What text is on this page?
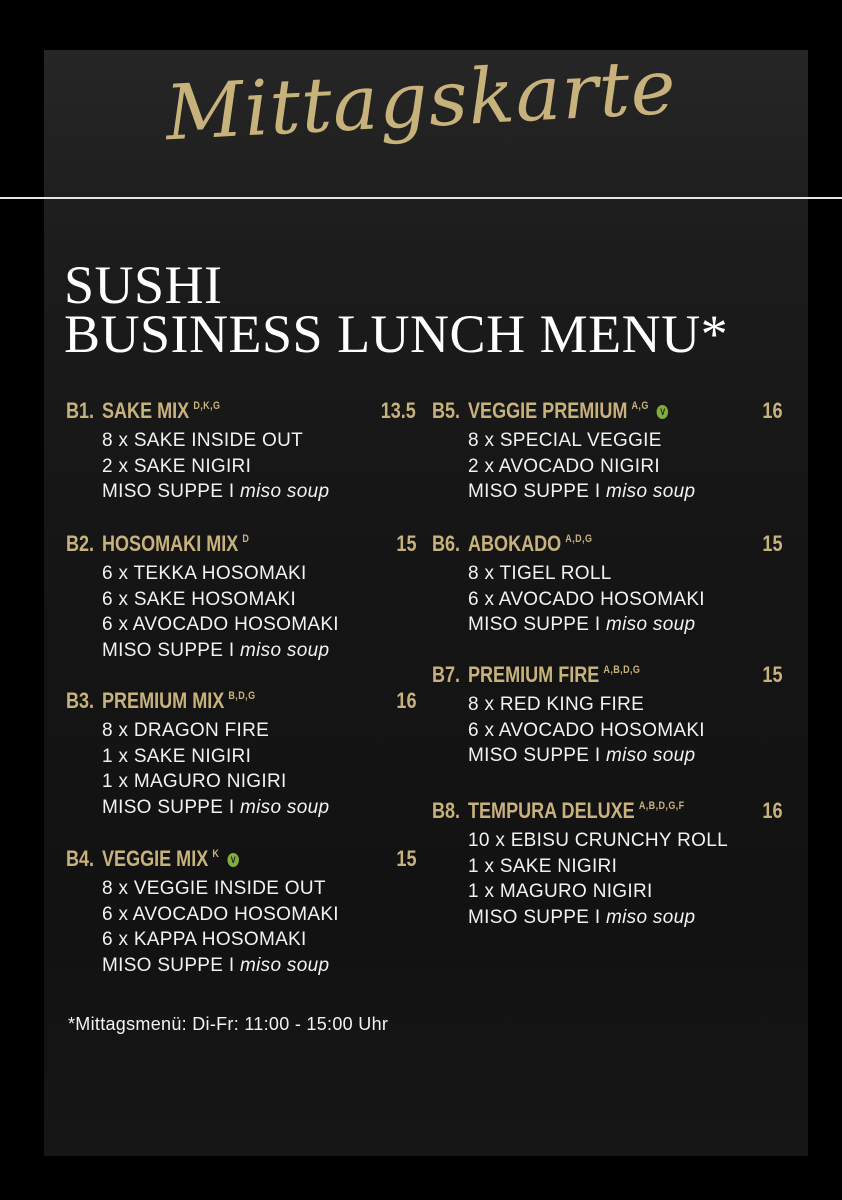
Mittagskarte
SUSHI
BUSINESS LUNCH MENU*
B1. SAKE MIX $^{D,K,G}$	13.5
8 x SAKE INSIDE OUT
2 x SAKE NIGIRI
MISO SUPPE I miso soup
B2. HOSOMAKI MIX $^D$	15
6 x TEKKA HOSOMAKI
6 x SAKE HOSOMAKI
6 x AVOCADO HOSOMAKI
MISO SUPPE I miso soup
B3. PREMIUM MIX $^{B,D,G}$	16
8 x DRAGON FIRE
1 x SAKE NIGIRI
1 x MAGURO NIGIRI
MISO SUPPE I miso soup
B4. VEGGIE MIX $^K$ V	15
8 x VEGGIE INSIDE OUT
6 x AVOCADO HOSOMAKI
6 x KAPPA HOSOMAKI
MISO SUPPE I miso soup
B5. VEGGIE PREMIUM $^{A,G}$ V	16
8 x SPECIAL VEGGIE
2 x AVOCADO NIGIRI
MISO SUPPE I miso soup
B6. ABOKADO $^{A,D,G}$	15
8 x TIGEL ROLL
6 x AVOCADO HOSOMAKI
MISO SUPPE I miso soup
B7. PREMIUM FIRE $^{A,B,D,G}$	15
8 x RED KING FIRE
6 x AVOCADO HOSOMAKI
MISO SUPPE I miso soup
B8. TEMPURA DELUXE $^{A,B,D,G,F}$	16
10 x EBISU CRUNCHY ROLL
1 x SAKE NIGIRI
1 x MAGURO NIGIRI
MISO SUPPE I miso soup
*Mittagsmenü: Di-Fr: 11:00 - 15:00 Uhr
